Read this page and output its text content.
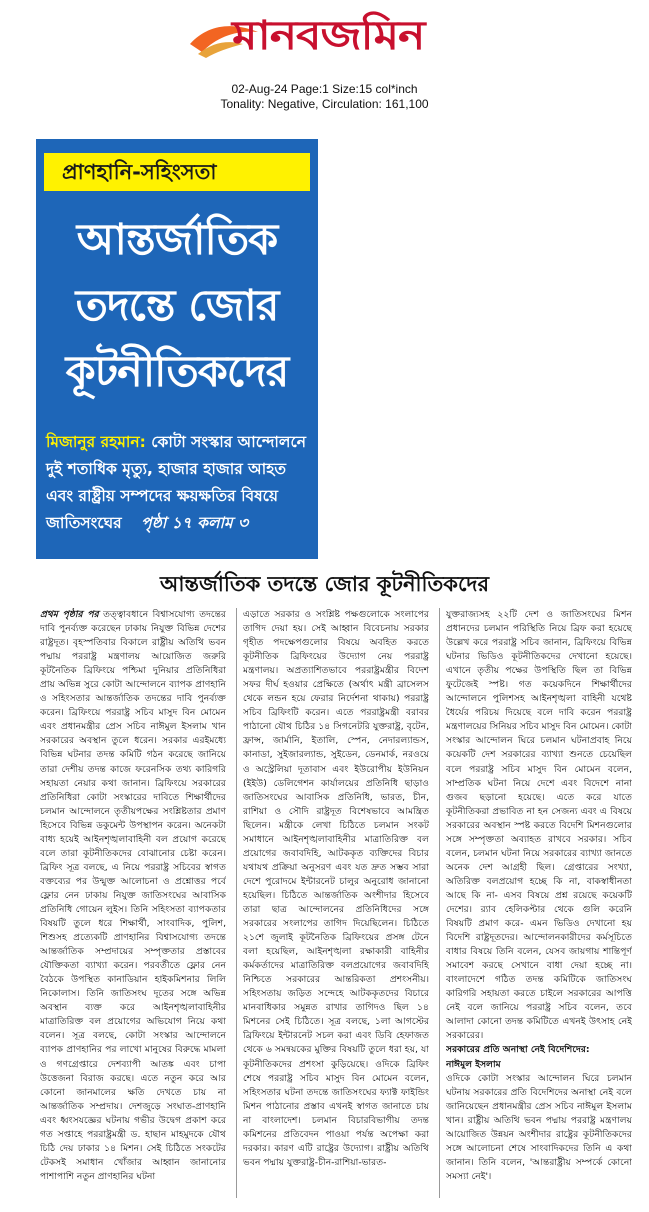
মানবজমিন
02-Aug-24 Page:1 Size:15 col*inch
Tonality: Negative, Circulation: 161,100
প্রাণহানি-সহিংসতা
আন্তর্জাতিক
তদন্তে জোর
কূটনীতিকদের
মিজানুর রহমান: কোটা সংস্কার আন্দোলনে দুই শতাধিক মৃত্যু, হাজার হাজার আহত এবং রাষ্ট্রীয় সম্পদের ক্ষয়ক্ষতির বিষয়ে জাতিসংঘের পৃষ্ঠা ১৭ কলাম ৩
আন্তর্জাতিক তদন্তে জোর কূটনীতিকদের
প্রথম পৃষ্ঠার পর তত্ত্বাবধানে বিশ্বাসযোগ্য তদন্তের দাবি পুনর্ব্যক্ত করেছেন ঢাকায় নিযুক্ত বিভিন্ন দেশের রাষ্ট্রদূত। বৃহস্পতিবার বিকালে রাষ্ট্রীয় অতিথি ভবন পদ্মায় পররাষ্ট্র মন্ত্রণালয় আয়োজিত জরুরি কূটনৈতিক ব্রিফিংয়ে পশ্চিমা দুনিয়ার প্রতিনিধিরা প্রায় অভিন্ন সুরে কোটা আন্দোলনে ব্যাপক প্রাণহানি ও সহিংসতার আন্তর্জাতিক তদন্তের দাবি পুনর্ব্যক্ত করেন। ব্রিফিংয়ে পররাষ্ট্র সচিব মাসুদ বিন মোমেন এবং প্রধানমন্ত্রীর প্রেস সচিব নাঈমুল ইসলাম খান সরকারের অবস্থান তুলে ধরেন। সরকার এরইমধ্যে বিভিন্ন ঘটনার তদন্ত কমিটি গঠন করেছে জানিয়ে তারা দেশীয় তদন্ত কাজে ফরেনসিক তথ্য কারিগরি সহায়তা নেয়ার কথা জানান। ব্রিফিংয়ে সরকারের প্রতিনিধিরা কোটা সংস্কারের দাবিতে শিক্ষার্থীদের চলমান আন্দোলনে তৃতীয়পক্ষের সংশ্লিষ্টতার প্রমাণ হিসেবে বিভিন্ন ডকুমেন্ট উপস্থাপন করেন। অনেকটা বাধ্য হয়েই আইনশৃঙ্খলাবাহিনী বল প্রয়োগ করেছে বলে তারা কূটনীতিকদের বোঝানোর চেষ্টা করেন। ব্রিফিং সূত্র বলছে, এ নিয়ে পররাষ্ট্র সচিবের স্বাগত বক্তব্যের পর উন্মুক্ত আলোচনা ও প্রশ্নোত্তর পর্বে ফ্লোর নেন ঢাকায় নিযুক্ত জাতিসংঘের আবাসিক প্রতিনিধি গোয়েন লুইস। তিনি সহিংসতা ব্যাপকতার বিষয়টি তুলে ধরে শিক্ষার্থী, সাংবাদিক, পুলিশ, শিশুসহ প্রত্যেকটি প্রাণহানির বিশ্বাসযোগ্য তদন্তে আন্তর্জাতিক সম্প্রদায়ের সম্পৃক্ততার প্রস্তাবের যৌক্তিকতা ব্যাখ্যা করেন। পরবর্তীতে ফ্লোর নেন বৈঠকে উপস্থিত কানাডিয়ান হাইকমিশনার লিলি নিকোলাস। তিনি জাতিসংঘ দূতের সঙ্গে অভিন্ন অবস্থান ব্যক্ত করে আইনশৃঙ্খলাবাহিনীর মাত্রাতিরিক্ত বল প্রয়োগের অভিযোগ নিয়ে কথা বলেন। সূত্র বলছে, কোটা সংস্কার আন্দোলনে ব্যাপক প্রাণহানির পর লাখো মানুষের বিরুদ্ধে মামলা ও গণগ্রেপ্তারে দেশব্যাপী আতঙ্ক এবং চাপা উত্তেজনা বিরাজ করছে। এতে নতুন করে আর কোনো জানমালের ক্ষতি দেখতে চায় না আন্তর্জাতিক সম্প্রদায়। দেশজুড়ে সংঘাত-প্রাণহানি এবং ধ্বংসযজ্ঞের ঘটনায় গভীর উদ্বেগ প্রকাশ করে গত সপ্তাহে পররাষ্ট্রমন্ত্রী ড. হাছান মাহমুদকে যৌথ চিঠি দেয় ঢাকার ১৪ মিশন। সেই চিঠিতে সংকটের টেকসই সমাধান খোঁজার আহ্বান জানানোর পাশাপাশি নতুন প্রাণহানির ঘটনা
এড়াতে সরকার ও সংশ্লিষ্ট পক্ষগুলোকে সংলাপের তাগিদ দেয়া হয়। সেই আহ্বান বিবেচনায় সরকার গৃহীত পদক্ষেপগুলোর বিষয়ে অবহিত করতে কূটনীতিক ব্রিফিংয়ের উদ্যোগ নেয় পররাষ্ট্র মন্ত্রণালয়। অপ্রত্যাশিতভাবে পররাষ্ট্রমন্ত্রীর বিদেশ সফর দীর্ঘ হওয়ার প্রেক্ষিতে (অর্থাৎ মন্ত্রী ব্রাসেলস থেকে লন্ডন হয়ে ফেরার নির্দেশনা থাকায়) পররাষ্ট্র সচিব ব্রিফিংটি করেন। এতে পররাষ্ট্রমন্ত্রী বরাবর পাঠানো যৌথ চিঠির ১৪ সিগনেটরি যুক্তরাষ্ট্র, বৃটেন, ফ্রান্স, জার্মানি, ইতালি, স্পেন, নেদারল্যান্ডস, কানাডা, সুইজারল্যান্ড, সুইডেন, ডেনমার্ক, নরওয়ে ও অস্ট্রেলিয়া দূতাবাস এবং ইউরোপীয় ইউনিয়ন (ইইউ) ডেলিগেশন কার্যালয়ের প্রতিনিধি ছাড়াও জাতিসংঘের আবাসিক প্রতিনিধি, ভারত, চীন, রাশিয়া ও সৌদি রাষ্ট্রদূত বিশেষভাবে আমন্ত্রিত ছিলেন। মন্ত্রীকে লেখা চিঠিতে চলমান সংকট সমাধানে আইনশৃঙ্খলাবাহিনীর মাত্রাতিরিক্ত বল প্রয়োগের জবাবদিহি, আটককৃত ব্যক্তিদের বিচার যথাযথ প্রক্রিয়া অনুসরণ এবং যত দ্রুত সম্ভব সারা দেশে পুরোদমে ইন্টারনেট চালুর অনুরোধ জানানো হয়েছিল। চিঠিতে আন্তর্জাতিক অংশীদার হিসেবে তারা ছাত্র আন্দোলনের প্রতিনিধিদের সঙ্গে সরকারের সংলাপের তাগিদ দিয়েছিলেন। চিঠিতে ২১শে জুলাই কূটনৈতিক ব্রিফিংয়ের প্রসঙ্গ টেনে বলা হয়েছিল, আইনশৃঙ্খলা রক্ষাকারী বাহিনীর কর্মকর্তাদের মাত্রাতিরিক্ত বলপ্রয়োগের জবাবদিহি নিশ্চিতে সরকারের আন্তরিকতা প্রশংসনীয়। সহিংসতায় জড়িত সন্দেহে আটককৃতদের বিচারে মানবাধিকার সমুন্নত রাখার তাগিদও ছিল ১৪ মিশনের সেই চিঠিতে। সূত্র বলছে, ১লা আগস্টের ব্রিফিংয়ে ইন্টারনেট সচল করা এবং ডিবি হেফাজত থেকে ৬ সমন্বয়কের মুক্তির বিষয়টি তুলে ধরা হয়, যা কূটনীতিকদের প্রশংসা কুড়িয়েছে। ওদিকে ব্রিফিং শেষে পররাষ্ট্র সচিব মাসুদ বিন মোমেন বলেন, সহিংসতার ঘটনা তদন্তে জাতিসংঘের ফ্যাক্ট ফাইন্ডিং মিশন পাঠানোর প্রস্তাব এখনই স্বাগত জানাতে চায় না বাংলাদেশ। চলমান বিচারবিভাগীয় তদন্ত কমিশনের প্রতিবেদন পাওয়া পর্যন্ত অপেক্ষা করা দরকার। কারণ এটি রাষ্ট্রের উদ্যোগ। রাষ্ট্রীয় অতিথি ভবন পদ্মায় যুক্তরাষ্ট্র-চীন-রাশিয়া-ভারত-
যুক্তরাজ্যসহ ২২টি দেশ ও জাতিসংঘের মিশন প্রধানদের চলমান পরিস্থিতি নিয়ে ব্রিফ করা হয়েছে উল্লেখ করে পররাষ্ট্র সচিব জানান, ব্রিফিংয়ে বিভিন্ন ঘটনার ভিডিও কূটনীতিকদের দেখানো হয়েছে। এখানে তৃতীয় পক্ষের উপস্থিতি ছিল তা বিভিন্ন ফুটেজেই স্পষ্ট। গত কয়েকদিনে শিক্ষার্থীদের আন্দোলনে পুলিশসহ আইনশৃঙ্খলা বাহিনী যথেষ্ট ধৈর্যের পরিচয় দিয়েছে বলে দাবি করেন পররাষ্ট্র মন্ত্রণালয়ের সিনিয়র সচিব মাসুদ বিন মোমেন। কোটা সংস্কার আন্দোলন ঘিরে চলমান ঘটনাপ্রবাহ নিয়ে কয়েকটি দেশ সরকারের ব্যাখ্যা শুনতে চেয়েছিল বলে পররাষ্ট্র সচিব মাসুদ বিন মোমেন বলেন, সাম্প্রতিক ঘটনা নিয়ে দেশে এবং বিদেশে নানা গুজব ছড়ানো হয়েছে। এতে করে যাতে কূটনীতিকরা প্রভাবিত না হন সেজন্য এবং এ বিষয়ে সরকারের অবস্থান স্পষ্ট করতে বিদেশি মিশনগুলোর সঙ্গে সম্পৃক্ততা অব্যাহত রাখবে সরকার। সচিব বলেন, চলমান ঘটনা নিয়ে সরকারের ব্যাখ্যা জানতে অনেক দেশ আগ্রহী ছিল। গ্রেপ্তারের সংখ্যা, অতিরিক্ত বলপ্রয়োগ হচ্ছে কি না, বাকস্বাধীনতা আছে কি না- এসব বিষয়ে প্রশ্ন রয়েছে কয়েকটি দেশের। র‌্যাব হেলিকপ্টার থেকে গুলি করেনি বিষয়টি প্রমাণ করে- এমন ভিডিও দেখানো হয় বিদেশি রাষ্ট্রদূতদের। আন্দোলনকারীদের কর্মসূচিতে বাধার বিষয়ে তিনি বলেন, যেসব জায়গায় শান্তিপূর্ণ সমাবেশ করছে সেখানে বাধা দেয়া হচ্ছে না। বাংলাদেশে গঠিত তদন্ত কমিটিকে জাতিসংঘ কারিগরি সহায়তা করতে চাইলে সরকারের আপত্তি নেই বলে জানিয়ে পররাষ্ট্র সচিব বলেন, তবে আলাদা কোনো তদন্ত কমিটিতে এখনই উৎসাহ নেই সরকারের।
সরকারের প্রতি অনাস্থা নেই বিদেশিদের:
নাঈমুল ইসলাম
ওদিকে কোটা সংস্কার আন্দোলন ঘিরে চলমান ঘটনায় সরকারের প্রতি বিদেশিদের অনাস্থা নেই বলে জানিয়েছেন প্রধানমন্ত্রীর প্রেস সচিব নাঈমুল ইসলাম খান। রাষ্ট্রীয় অতিথি ভবন পদ্মায় পররাষ্ট্র মন্ত্রণালয় আয়োজিত উন্নয়ন অংশীদার রাষ্ট্রের কূটনীতিকদের সঙ্গে আলোচনা শেষে সাংবাদিকদের তিনি এ কথা জানান। তিনি বলেন, 'আন্তরাষ্ট্রীয় সম্পর্কে কোনো সমস্যা নেই'।
